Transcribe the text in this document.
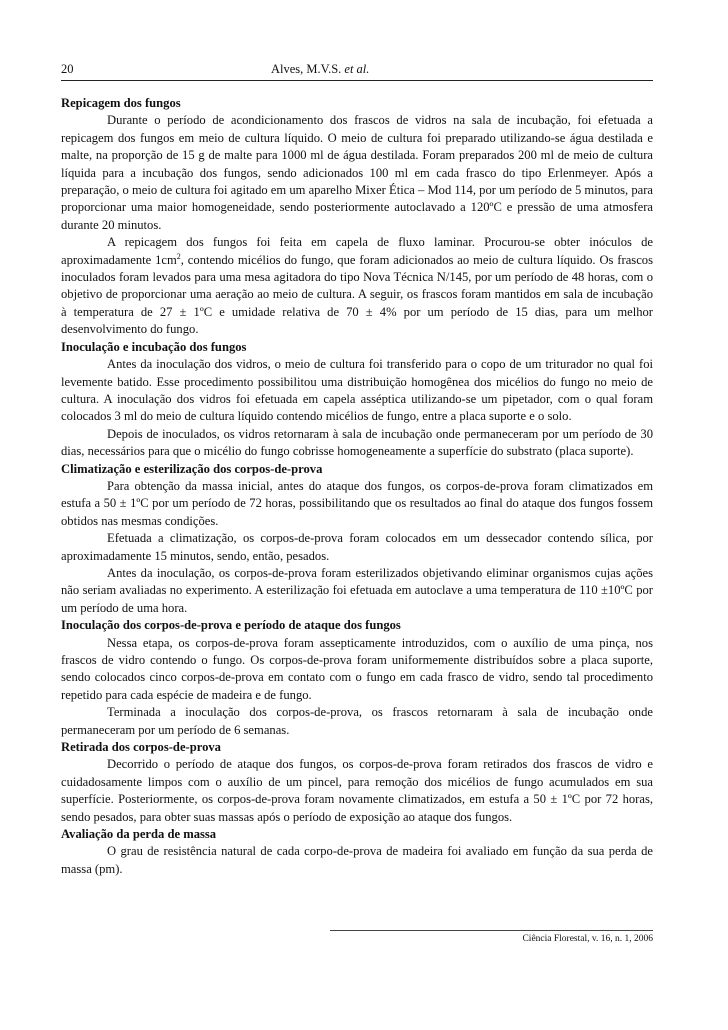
20	Alves, M.V.S. et al.
Repicagem dos fungos

Durante o período de acondicionamento dos frascos de vidros na sala de incubação, foi efetuada a repicagem dos fungos em meio de cultura líquido. O meio de cultura foi preparado utilizando-se água destilada e malte, na proporção de 15 g de malte para 1000 ml de água destilada. Foram preparados 200 ml de meio de cultura líquida para a incubação dos fungos, sendo adicionados 100 ml em cada frasco do tipo Erlenmeyer. Após a preparação, o meio de cultura foi agitado em um aparelho Mixer Ética – Mod 114, por um período de 5 minutos, para proporcionar uma maior homogeneidade, sendo posteriormente autoclavado a 120ºC e pressão de uma atmosfera durante 20 minutos.

A repicagem dos fungos foi feita em capela de fluxo laminar. Procurou-se obter inóculos de aproximadamente $1cm^2$, contendo micélios do fungo, que foram adicionados ao meio de cultura líquido. Os frascos inoculados foram levados para uma mesa agitadora do tipo Nova Técnica N/145, por um período de 48 horas, com o objetivo de proporcionar uma aeração ao meio de cultura. A seguir, os frascos foram mantidos em sala de incubação à temperatura de 27 ± 1ºC e umidade relativa de 70 ± 4% por um período de 15 dias, para um melhor desenvolvimento do fungo.

Inoculação e incubação dos fungos

Antes da inoculação dos vidros, o meio de cultura foi transferido para o copo de um triturador no qual foi levemente batido. Esse procedimento possibilitou uma distribuição homogênea dos micélios do fungo no meio de cultura. A inoculação dos vidros foi efetuada em capela asséptica utilizando-se um pipetador, com o qual foram colocados 3 ml do meio de cultura líquido contendo micélios de fungo, entre a placa suporte e o solo.

Depois de inoculados, os vidros retornaram à sala de incubação onde permaneceram por um período de 30 dias, necessários para que o micélio do fungo cobrisse homogeneamente a superfície do substrato (placa suporte).

Climatização e esterilização dos corpos-de-prova

Para obtenção da massa inicial, antes do ataque dos fungos, os corpos-de-prova foram climatizados em estufa a 50 ± 1ºC por um período de 72 horas, possibilitando que os resultados ao final do ataque dos fungos fossem obtidos nas mesmas condições.

Efetuada a climatização, os corpos-de-prova foram colocados em um dessecador contendo sílica, por aproximadamente 15 minutos, sendo, então, pesados.

Antes da inoculação, os corpos-de-prova foram esterilizados objetivando eliminar organismos cujas ações não seriam avaliadas no experimento. A esterilização foi efetuada em autoclave a uma temperatura de 110 ±10ºC por um período de uma hora.

Inoculação dos corpos-de-prova e período de ataque dos fungos

Nessa etapa, os corpos-de-prova foram assepticamente introduzidos, com o auxílio de uma pinça, nos frascos de vidro contendo o fungo. Os corpos-de-prova foram uniformemente distribuídos sobre a placa suporte, sendo colocados cinco corpos-de-prova em contato com o fungo em cada frasco de vidro, sendo tal procedimento repetido para cada espécie de madeira e de fungo.

Terminada a inoculação dos corpos-de-prova, os frascos retornaram à sala de incubação onde permaneceram por um período de 6 semanas.

Retirada dos corpos-de-prova

Decorrido o período de ataque dos fungos, os corpos-de-prova foram retirados dos frascos de vidro e cuidadosamente limpos com o auxílio de um pincel, para remoção dos micélios de fungo acumulados em sua superfície. Posteriormente, os corpos-de-prova foram novamente climatizados, em estufa a 50 ± 1ºC por 72 horas, sendo pesados, para obter suas massas após o período de exposição ao ataque dos fungos.

Avaliação da perda de massa

O grau de resistência natural de cada corpo-de-prova de madeira foi avaliado em função da sua perda de massa (pm).

Ciência Florestal, v. 16, n. 1, 2006
